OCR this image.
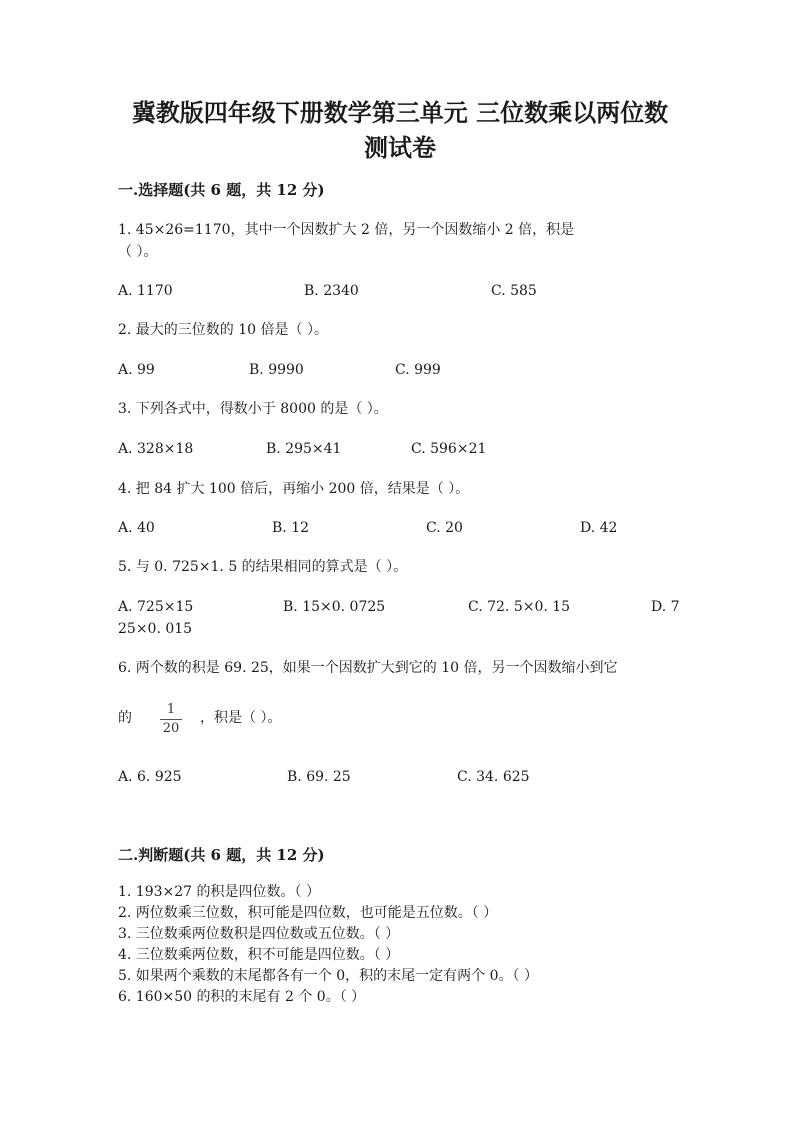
冀教版四年级下册数学第三单元 三位数乘以两位数
测试卷
一.选择题(共 6 题，共 12 分)
1. 45×26=1170，其中一个因数扩大 2 倍，另一个因数缩小 2 倍，积是
（ ）。
A. 1170	B. 2340	C. 585
2. 最大的三位数的 10 倍是（ ）。
A. 99	B. 9990	C. 999
3. 下列各式中，得数小于 8000 的是（ ）。
A. 328×18	B. 295×41	C. 596×21
4. 把 84 扩大 100 倍后，再缩小 200 倍，结果是（ ）。
A. 40	B. 12	C. 20	D. 42
5. 与 0. 725×1. 5 的结果相同的算式是（ ）。
A. 725×15	B. 15×0. 0725	C. 72. 5×0. 15	D. 7
25×0. 015
6. 两个数的积是 69. 25，如果一个因数扩大到它的 10 倍，另一个因数缩小到它
的
1
20
，积是（ ）。
A. 6. 925	B. 69. 25	C. 34. 625
二.判断题(共 6 题，共 12 分)
1. 193×27 的积是四位数。（ ）
2. 两位数乘三位数，积可能是四位数，也可能是五位数。（ ）
3. 三位数乘两位数积是四位数或五位数。（ ）
4. 三位数乘两位数，积不可能是四位数。（ ）
5. 如果两个乘数的末尾都各有一个 0，积的末尾一定有两个 0。（ ）
6. 160×50 的积的末尾有 2 个 0。（ ）
